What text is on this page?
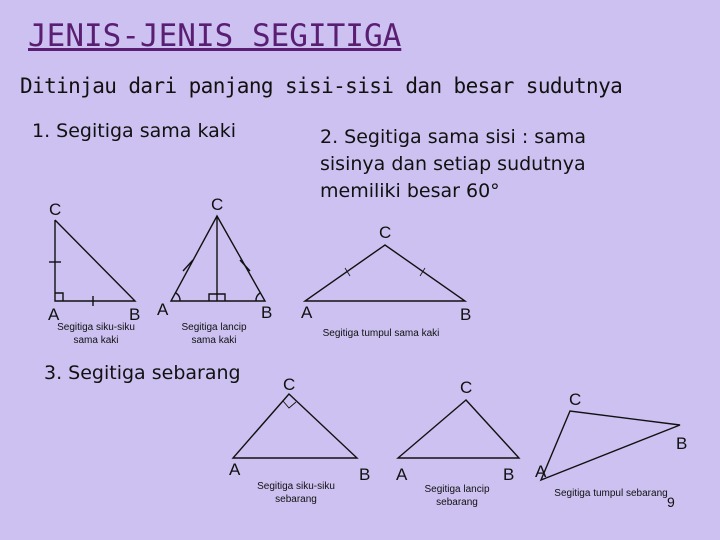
JENIS-JENIS SEGITIGA
Ditinjau dari panjang sisi-sisi dan besar sudutnya
1. Segitiga sama kaki	2. Segitiga sama sisi : sama sisinya dan setiap sudutnya memiliki besar 60°
3. Segitiga sebarang
C
A	B
C
A	B
C
A	B
C
A	B
C
A	B
C
A
B
Segitiga siku-siku
sama kaki
Segitiga lancip
sama kaki
Segitiga tumpul sama kaki
Segitiga siku-siku
sebarang
Segitiga lancip
sebarang
Segitiga tumpul sebarang
9
